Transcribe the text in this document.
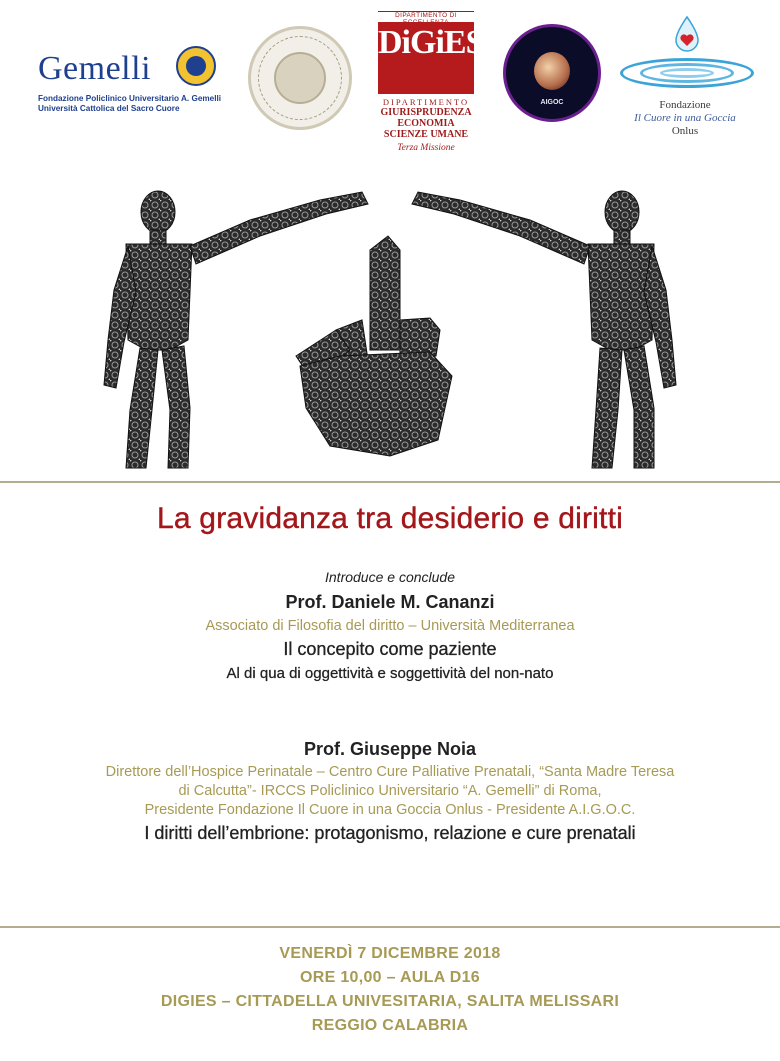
Gemelli
Fondazione Policlinico Universitario A. Gemelli
Università Cattolica del Sacro Cuore
DIPARTIMENTO DI
DiGiES
DIPARTIMENTO
GIURISPRUDENZA
ECONOMIA
SCIENZE UMANE
Terza Missione
AIGOC	Fondazione
Il Cuore in una Goccia
Onlus
La gravidanza tra desiderio e diritti
Introduce e conclude
Prof. Daniele M. Cananzi
Associato di Filosofia del diritto – Università Mediterranea
Il concepito come paziente
Al di qua di oggettività e soggettività del non-nato
Prof. Giuseppe Noia
Direttore dell’Hospice Perinatale – Centro Cure Palliative Prenatali, “Santa Madre Teresa
di Calcutta”- IRCCS Policlinico Universitario “A. Gemelli” di Roma,
Presidente Fondazione Il Cuore in una Goccia Onlus - Presidente A.I.G.O.C.
I diritti dell’embrione: protagonismo, relazione e cure prenatali
VENERDÌ 7 DICEMBRE 2018
ORE 10,00 – AULA D16
DIGIES – CITTADELLA UNIVESITARIA, SALITA MELISSARI
REGGIO CALABRIA
